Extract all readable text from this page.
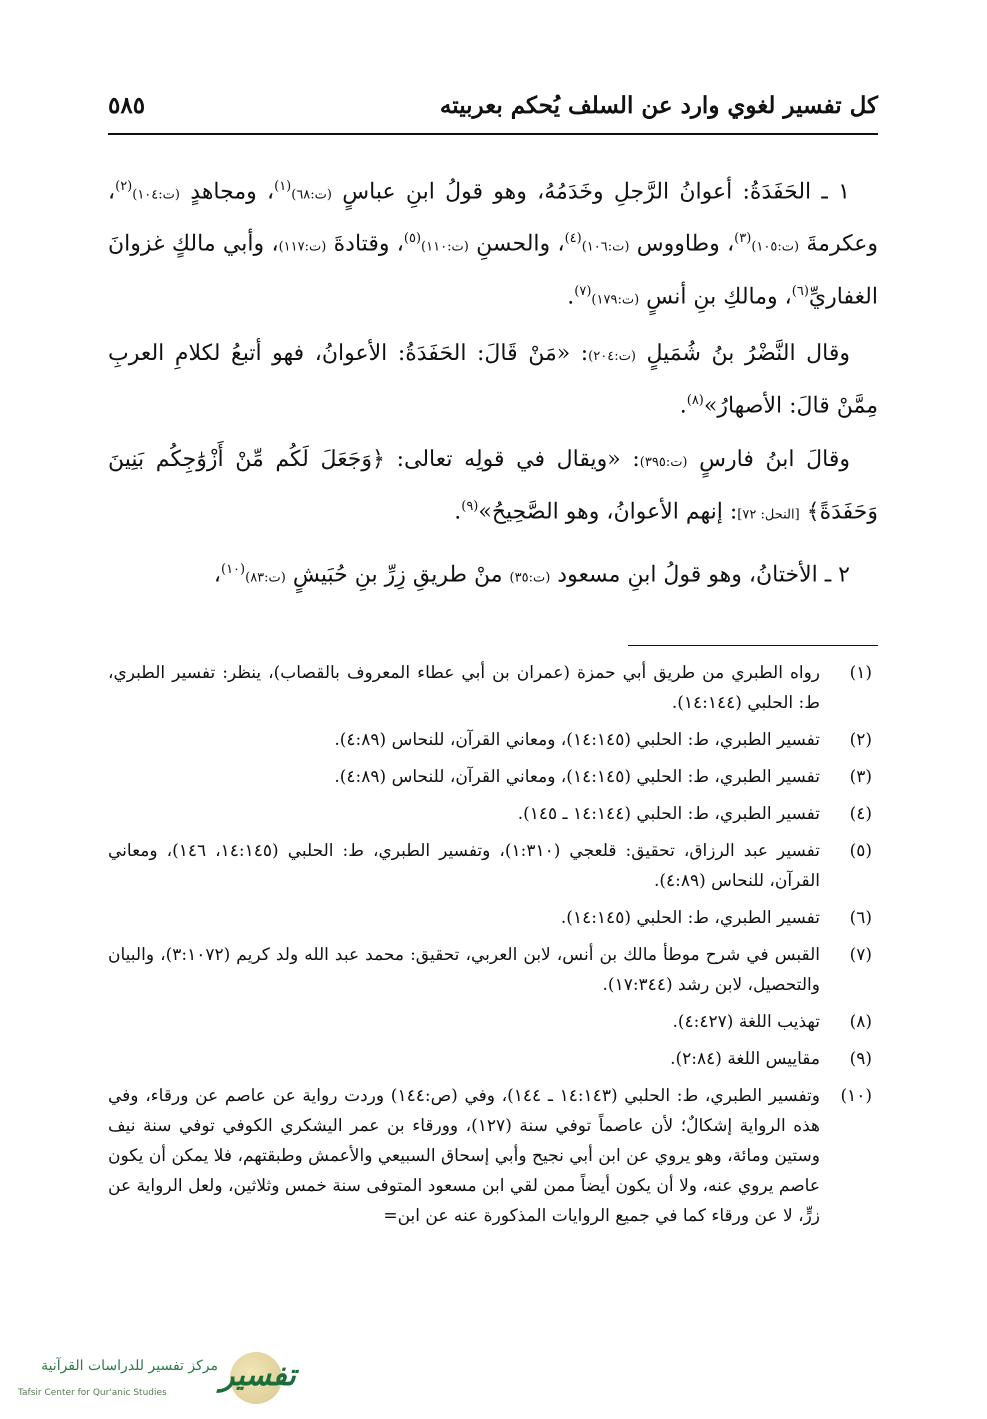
كل تفسير لغوي وارد عن السلف يُحكم بعربيته
٥٨٥

١ ـ الحَفَدَةُ: أعوانُ الرَّجلِ وخَدَمُهُ، وهو قولُ ابنِ عباسٍ (ت:٦٨)$^{(١)}$، ومجاهدٍ (ت:١٠٤)$^{(٢)}$، وعكرمةَ (ت:١٠٥)$^{(٣)}$، وطاووس (ت:١٠٦)$^{(٤)}$، والحسنِ (ت:١١٠)$^{(٥)}$، وقتادةَ (ت:١١٧)، وأبي مالكٍ غزوانَ الغفاريِّ$^{(٦)}$، ومالكِ بنِ أنسٍ (ت:١٧٩)$^{(٧)}$.

وقال النَّضْرُ بنُ شُمَيلٍ (ت:٢٠٤): «مَنْ قَالَ: الحَفَدَةُ: الأعوانُ، فهو أتبعُ لكلامِ العربِ مِمَّنْ قالَ: الأصهارُ»$^{(٨)}$.

وقالَ ابنُ فارسٍ (ت:٣٩٥): «ويقال في قولِه تعالى: ﴿وَجَعَلَ لَكُم مِّنْ أَزْوَٰجِكُم بَنِينَ وَحَفَدَةً﴾ [النحل: ٧٢]: إنهم الأعوانُ، وهو الصَّحِيحُ»$^{(٩)}$.

٢ ـ الأختانُ، وهو قولُ ابنِ مسعود (ت:٣٥) منْ طريقِ زِرِّ بنِ حُبَيشٍ (ت:٨٣)$^{(١٠)}$،

(١)
رواه الطبري من طريق أبي حمزة (عمران بن أبي عطاء المعروف بالقصاب)، ينظر: تفسير الطبري، ط: الحلبي (١٤:١٤٤).
(٢)
تفسير الطبري، ط: الحلبي (١٤:١٤٥)، ومعاني القرآن، للنحاس (٤:٨٩).
(٣)
تفسير الطبري، ط: الحلبي (١٤:١٤٥)، ومعاني القرآن، للنحاس (٤:٨٩).
(٤)
تفسير الطبري، ط: الحلبي (١٤:١٤٤ ـ ١٤٥).
(٥)
تفسير عبد الرزاق، تحقيق: قلعجي (١:٣١٠)، وتفسير الطبري، ط: الحلبي (١٤:١٤٥، ١٤٦)، ومعاني القرآن، للنحاس (٤:٨٩).
(٦)
تفسير الطبري، ط: الحلبي (١٤:١٤٥).
(٧)
القبس في شرح موطأ مالك بن أنس، لابن العربي، تحقيق: محمد عبد الله ولد كريم (٣:١٠٧٢)، والبيان والتحصيل، لابن رشد (١٧:٣٤٤).
(٨)
تهذيب اللغة (٤:٤٢٧).
(٩)
مقاييس اللغة (٢:٨٤).
(١٠)
وتفسير الطبري، ط: الحلبي (١٤:١٤٣ ـ ١٤٤)، وفي (ص:١٤٤) وردت رواية عن عاصم عن ورقاء، وفي هذه الرواية إشكالٌ؛ لأن عاصماً توفي سنة (١٢٧)، وورقاء بن عمر اليشكري الكوفي توفي سنة نيف وستين ومائة، وهو يروي عن ابن أبي نجيح وأبي إسحاق السبيعي والأعمش وطبقتهم، فلا يمكن أن يكون عاصم يروي عنه، ولا أن يكون أيضاً ممن لقي ابن مسعود المتوفى سنة خمس وثلاثين، ولعل الرواية عن زرٍّ، لا عن ورقاء كما في جميع الروايات المذكورة عنه عن ابن=
تفسير
مركز تفسير للدراسات القرآنية
Tafsir Center for Qur'anic Studies
